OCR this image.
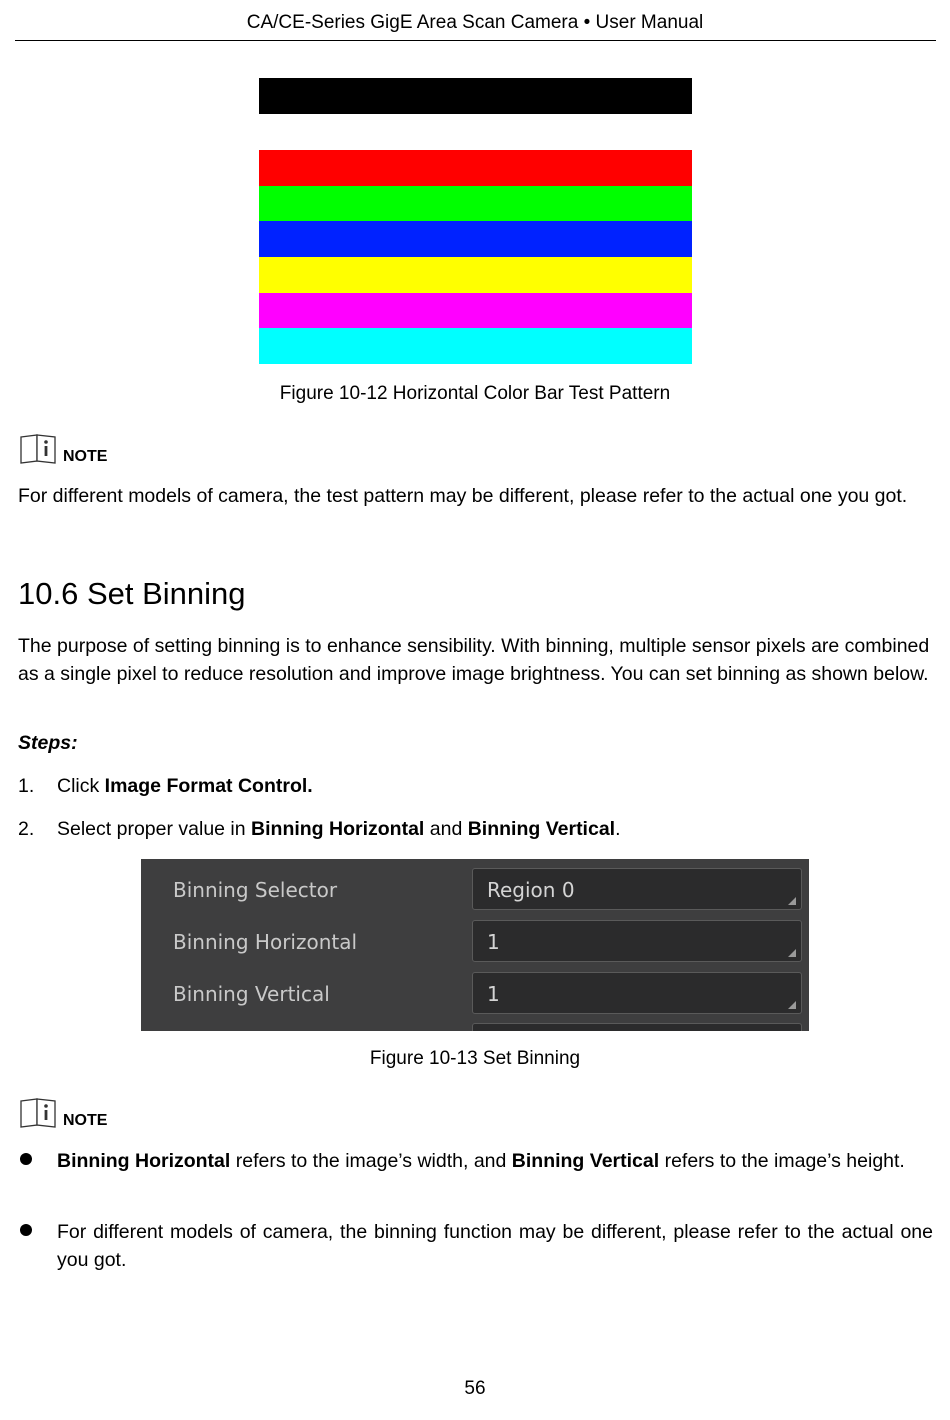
CA/CE-Series GigE Area Scan Camera • User Manual
Figure 10-12 Horizontal Color Bar Test Pattern
NOTE
For different models of camera, the test pattern may be different, please refer to the actual one you got.
10.6 Set Binning
The purpose of setting binning is to enhance sensibility. With binning, multiple sensor pixels are combined as a single pixel to reduce resolution and improve image brightness. You can set binning as shown below.
Steps:
1. Click Image Format Control.
2. Select proper value in Binning Horizontal and Binning Vertical.
Binning Selector	Region 0
Binning Horizontal	1
Binning Vertical	1
Figure 10-13 Set Binning
NOTE
Binning Horizontal refers to the image’s width, and Binning Vertical refers to the image’s height.
For different models of camera, the binning function may be different, please refer to the actual one you got.
56
